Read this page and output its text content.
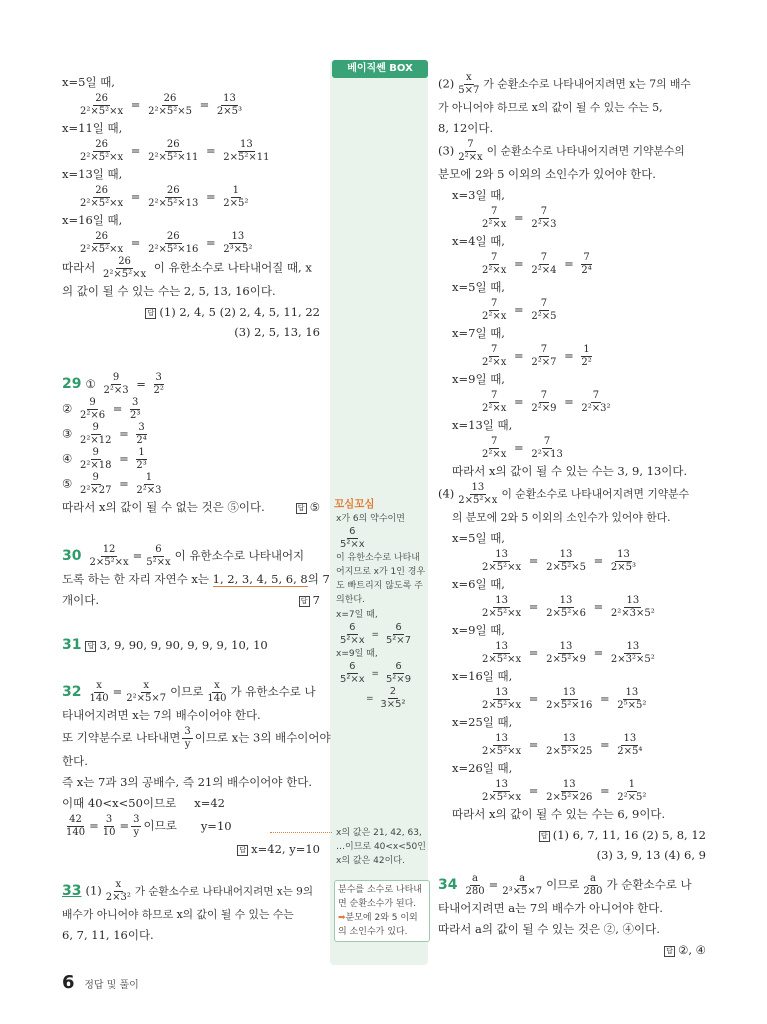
베이직쎈 BOX
x=5일 때,
$\frac{26}{\text{2²×5²×x}} = \frac{26}{\text{2²×5²×5}} = \frac{13}{\text{2×5³}}$
x=11일 때,
$\frac{26}{\text{2²×5²×x}} = \frac{26}{\text{2²×5²×11}} = \frac{13}{\text{2×5²×11}}$
x=13일 때,
$\frac{26}{\text{2²×5²×x}} = \frac{26}{\text{2²×5²×13}} = \frac{1}{\text{2×5²}}$
x=16일 때,
$\frac{26}{\text{2²×5²×x}} = \frac{26}{\text{2²×5²×16}} = \frac{13}{\text{2³×5²}}$
따라서 $\frac{26}{\text{2²×5²×x}}$ 이 유한소수로 나타내어질 때, x
의 값이 될 수 있는 수는 2, 5, 13, 16이다.
답 (1) 2, 4, 5 (2) 2, 4, 5, 11, 22
(3) 2, 5, 13, 16
29 ① $\frac{9}{\text{2²×3}} = \frac{3}{\text{2²}}$
② $\frac{9}{\text{2²×6}} = \frac{3}{\text{2³}}$
③ $\frac{9}{\text{2²×12}} = \frac{3}{\text{2⁴}}$
④ $\frac{9}{\text{2²×18}} = \frac{1}{\text{2³}}$
⑤ $\frac{9}{\text{2²×27}} = \frac{1}{\text{2²×3}}$
따라서 x의 값이 될 수 없는 것은 ⑤이다.	답 ⑤
$30 \frac{12}{\text{2×5²×x}} = \frac{6}{\text{5²×x}}$ 이 유한소수로 나타내어지
도록 하는 한 자리 자연수 x는 1, 2, 3, 4, 5, 6, 8의 7
개이다.	답 7
31 답 3, 9, 90, 9, 90, 9, 9, 9, 10, 10
$32 \frac{x}{140} = \frac{x}{\text{2²×5×7}}$ 이므로 $\frac{x}{140}$ 가 유한소수로 나
타내어지려면 x는 7의 배수이어야 한다.
또 기약분수로 나타내면 $\frac{3}{y}$ 이므로 x는 3의 배수이어야
한다.
즉 x는 7과 3의 공배수, 즉 21의 배수이어야 한다.
이때 40<x<50이므로 x=42
$\frac{42}{140} = \frac{3}{10} = \frac{3}{y}$ 이므로 y=10
답 x=42, y=10
33 $(1) \frac{x}{\text{2×3²}}$ 가 순환소수로 나타내어지려면 x는 9의
배수가 아니어야 하므로 x의 값이 될 수 있는 수는
6, 7, 11, 16이다.
꼬심꼬심
x가 6의 약수이면
$\frac{6}{\text{5²×x}}$
이 유한소수로 나타내어지므로 x가 1인 경우도 빠트리지 않도록 주의한다.
x=7일 때,
$\frac{6}{\text{5²×x}} = \frac{6}{\text{5²×7}}$
x=9일 때,
$\frac{6}{\text{5²×x}} = \frac{6}{\text{5²×9}}$
= $\frac{2}{\text{3×5²}}$
x의 값은 21, 42, 63, …이므로 40<x<50인 x의 값은 42이다.
분수를 소수로 나타내면 순환소수가 된다.
➡분모에 2와 5 이외의 소인수가 있다.
$(2) \frac{x}{5\times 7}$ 가 순환소수로 나타내어지려면 x는 7의 배수
가 아니어야 하므로 x의 값이 될 수 있는 수는 5,
8, 12이다.
$(3) \frac{7}{\text{2²×x}}$ 이 순환소수로 나타내어지려면 기약분수의
분모에 2와 5 이외의 소인수가 있어야 한다.
x=3일 때,
$\frac{7}{\text{2²×x}} = \frac{7}{\text{2²×3}}$
x=4일 때,
$\frac{7}{\text{2²×x}} = \frac{7}{\text{2²×4}} = \frac{7}{\text{2⁴}}$
x=5일 때,
$\frac{7}{\text{2²×x}} = \frac{7}{\text{2²×5}}$
x=7일 때,
$\frac{7}{\text{2²×x}} = \frac{7}{\text{2²×7}} = \frac{1}{\text{2²}}$
x=9일 때,
$\frac{7}{\text{2²×x}} = \frac{7}{\text{2²×9}} = \frac{7}{\text{2²×3²}}$
x=13일 때,
$\frac{7}{\text{2²×x}} = \frac{7}{\text{2²×13}}$
따라서 x의 값이 될 수 있는 수는 3, 9, 13이다.
$(4) \frac{13}{\text{2×5²×x}}$ 이 순환소수로 나타내어지려면 기약분수
의 분모에 2와 5 이외의 소인수가 있어야 한다.
x=5일 때,
$\frac{13}{\text{2×5²×x}} = \frac{13}{\text{2×5²×5}} = \frac{13}{\text{2×5³}}$
x=6일 때,
$\frac{13}{\text{2×5²×x}} = \frac{13}{\text{2×5²×6}} = \frac{13}{\text{2²×3×5²}}$
x=9일 때,
$\frac{13}{\text{2×5²×x}} = \frac{13}{\text{2×5²×9}} = \frac{13}{\text{2×3²×5²}}$
x=16일 때,
$\frac{13}{\text{2×5²×x}} = \frac{13}{\text{2×5²×16}} = \frac{13}{\text{2⁵×5²}}$
x=25일 때,
$\frac{13}{\text{2×5²×x}} = \frac{13}{\text{2×5²×25}} = \frac{13}{\text{2×5⁴}}$
x=26일 때,
$\frac{13}{\text{2×5²×x}} = \frac{13}{\text{2×5²×26}} = \frac{1}{\text{2²×5²}}$
따라서 x의 값이 될 수 있는 수는 6, 9이다.
답 (1) 6, 7, 11, 16 (2) 5, 8, 12
(3) 3, 9, 13 (4) 6, 9
$34 \frac{a}{280} = \frac{a}{\text{2³×5×7}}$ 이므로 $\frac{a}{280}$ 가 순환소수로 나
타내어지려면 a는 7의 배수가 아니어야 한다.
따라서 a의 값이 될 수 있는 것은 ②, ④이다.
답 ②, ④
6 정답 및 풀이
